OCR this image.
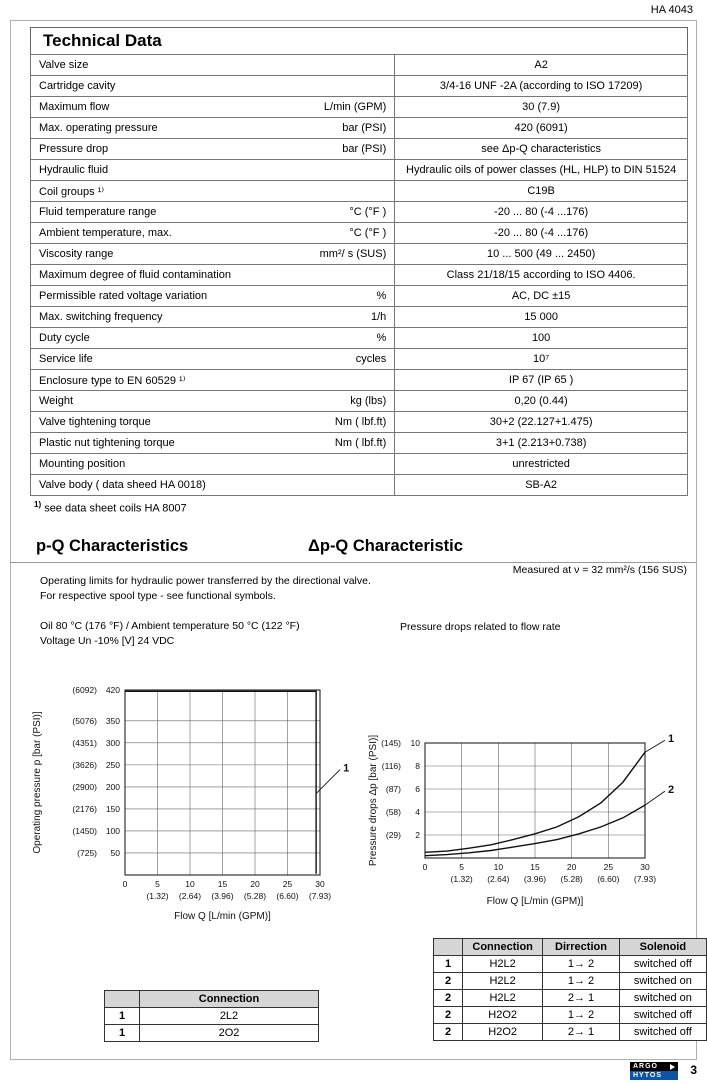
HA 4043
Technical Data
Valve size	A2

Cartridge cavity	3/4-16 UNF -2A (according to ISO 17209)

Maximum flow L/min (GPM)	30 (7.9)

Max. operating pressure bar (PSI)	420 (6091)

Pressure drop bar (PSI)	see Δp-Q characteristics

Hydraulic fluid	Hydraulic oils of power classes (HL, HLP) to DIN 51524

Coil groups ¹⁾	C19B

Fluid temperature range °C (°F )	-20 ... 80 (-4 ...176)

Ambient temperature, max. °C (°F )	-20 ... 80 (-4 ...176)

Viscosity range mm²/ s (SUS)	10 ... 500 (49 ... 2450)

Maximum degree of fluid contamination	Class 21/18/15 according to ISO 4406.

Permissible rated voltage variation %	AC, DC ±15

Max. switching frequency 1/h	15 000

Duty cycle %	100

Service life cycles	10⁷

Enclosure type to EN 60529 ¹⁾	IP 67 (IP 65 )

Weight kg (lbs)	0,20 (0.44)

Valve tightening torque Nm ( lbf.ft)	30+2 (22.127+1.475)

Plastic nut tightening torque Nm ( lbf.ft)	3+1 (2.213+0.738)

Mounting position	unrestricted

Valve body ( data sheed HA 0018)	SB-A2
$^{1)}$ see data sheet coils HA 8007
p-Q Characteristics	Δp-Q Characteristic
Measured at ν = 32 mm²/s (156 SUS)
Operating limits for hydraulic power transferred by the directional valve.
For respective spool type - see functional symbols.
Oil 80 °C (176 °F) / Ambient temperature 50 °C (122 °F)
Voltage Un -10% [V] 24 VDC
Pressure drops related to flow rate
0	5
(1.32)
10
(2.64)
15
(3.96)
20
(5.28)
25
(6.60)
30
(7.93)
50
(725)
100
(1450)
150
(2176)
200
(2900)
250
(3626)
300
(4351)
350
(5076)
420
(6092)
1
Operating pressure p [bar (PSI)]
Flow Q [L/min (GPM)]
0	5
(1.32)
10
(2.64)
15
(3.96)
20
(5.28)
25
(6.60)
30
(7.93)
2
(29)
4
(58)
6
(87)
8
(116)
10
(145)	1
2
Pressure drops Δp [bar (PSI)]
Flow Q [L/min (GPM)]
	Connection
1	2L2
1	2O2
	Connection	Dirrection	Solenoid
1	H2L2	1→ 2	switched off
2	H2L2	1→ 2	switched on
2	H2L2	2→ 1	switched on
2	H2O2	1→ 2	switched off
2	H2O2	2→ 1	switched off
ARGO
HYTOS	3
